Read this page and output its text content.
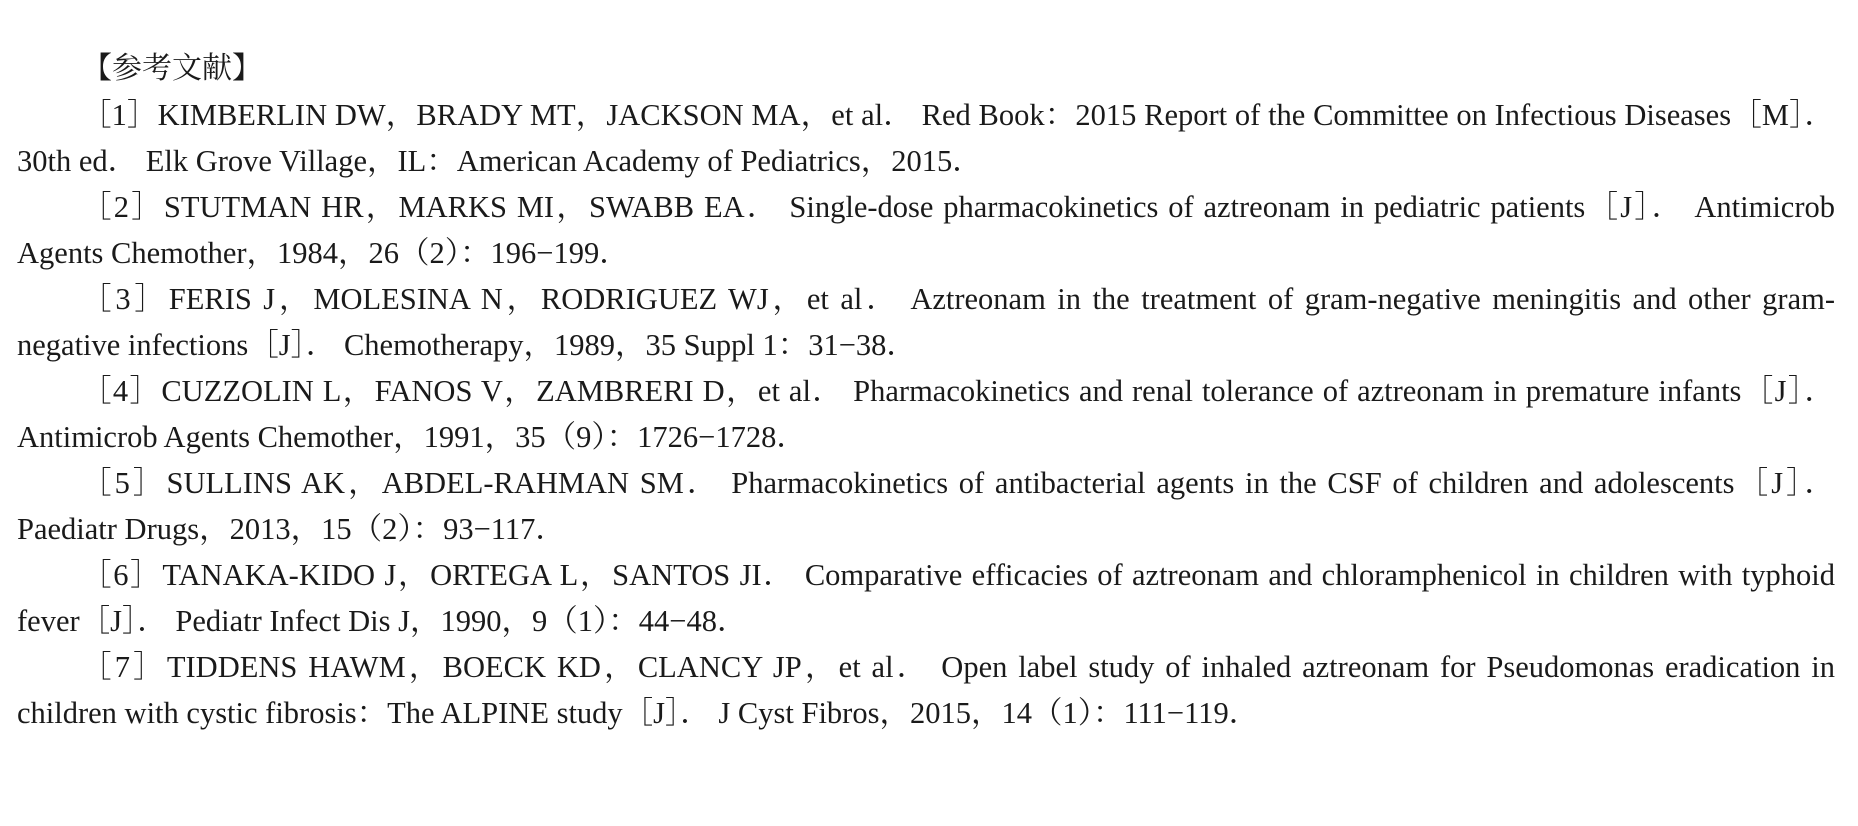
【参考文献】

［1］KIMBERLIN DW，BRADY MT，JACKSON MA，et al． Red Book：2015 Report of the Committee on Infectious Diseases［M］． 30th ed． Elk Grove Village，IL：American Academy of Pediatrics，2015．

［2］STUTMAN HR，MARKS MI，SWABB EA． Single-dose pharmacokinetics of aztreonam in pediatric patients［J］． Antimicrob Agents Chemother，1984，26（2）：196−199．

［3］FERIS J，MOLESINA N，RODRIGUEZ WJ，et al． Aztreonam in the treatment of gram-negative meningitis and other gram-negative infections［J］． Chemotherapy，1989，35 Suppl 1：31−38．

［4］CUZZOLIN L，FANOS V，ZAMBRERI D，et al． Pharmacokinetics and renal tolerance of aztreonam in premature infants［J］． Antimicrob Agents Chemother，1991，35（9）：1726−1728．

［5］SULLINS AK，ABDEL-RAHMAN SM． Pharmacokinetics of antibacterial agents in the CSF of children and adolescents［J］． Paediatr Drugs，2013，15（2）：93−117．

［6］TANAKA-KIDO J，ORTEGA L，SANTOS JI． Comparative efficacies of aztreonam and chloramphenicol in children with typhoid fever［J］． Pediatr Infect Dis J，1990，9（1）：44−48．

［7］TIDDENS HAWM，BOECK KD，CLANCY JP，et al． Open label study of inhaled aztreonam for Pseudomonas eradication in children with cystic fibrosis：The ALPINE study［J］． J Cyst Fibros，2015，14（1）：111−119．
